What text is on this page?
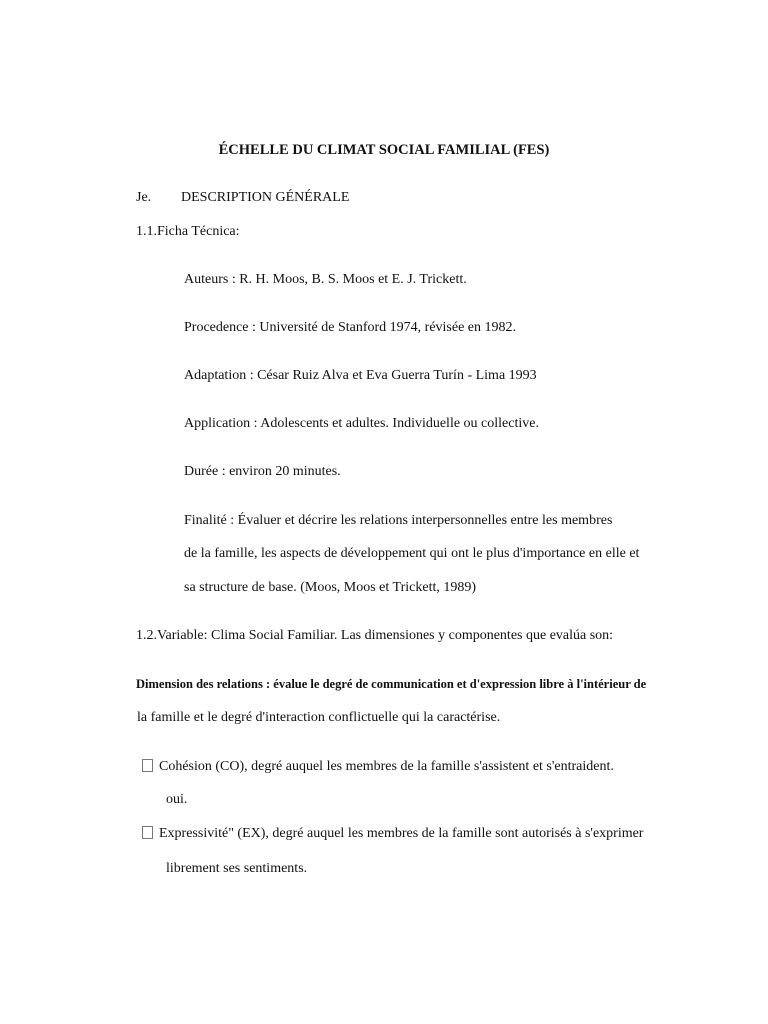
ÉCHELLE DU CLIMAT SOCIAL FAMILIAL (FES)
Je. DESCRIPTION GÉNÉRALE
1.1.Ficha Técnica:
Auteurs : R. H. Moos, B. S. Moos et E. J. Trickett.
Procedence : Université de Stanford 1974, révisée en 1982.
Adaptation : César Ruiz Alva et Eva Guerra Turín - Lima 1993
Application : Adolescents et adultes. Individuelle ou collective.
Durée : environ 20 minutes.
Finalité : Évaluer et décrire les relations interpersonnelles entre les membres
de la famille, les aspects de développement qui ont le plus d'importance en elle et
sa structure de base. (Moos, Moos et Trickett, 1989)
1.2.Variable: Clima Social Familiar. Las dimensiones y componentes que evalúa son:
Dimension des relations : évalue le degré de communication et d'expression libre à l'intérieur de
la famille et le degré d'interaction conflictuelle qui la caractérise.
Cohésion (CO), degré auquel les membres de la famille s'assistent et s'entraident.
oui.
Expressivité" (EX), degré auquel les membres de la famille sont autorisés à s'exprimer
librement ses sentiments.
